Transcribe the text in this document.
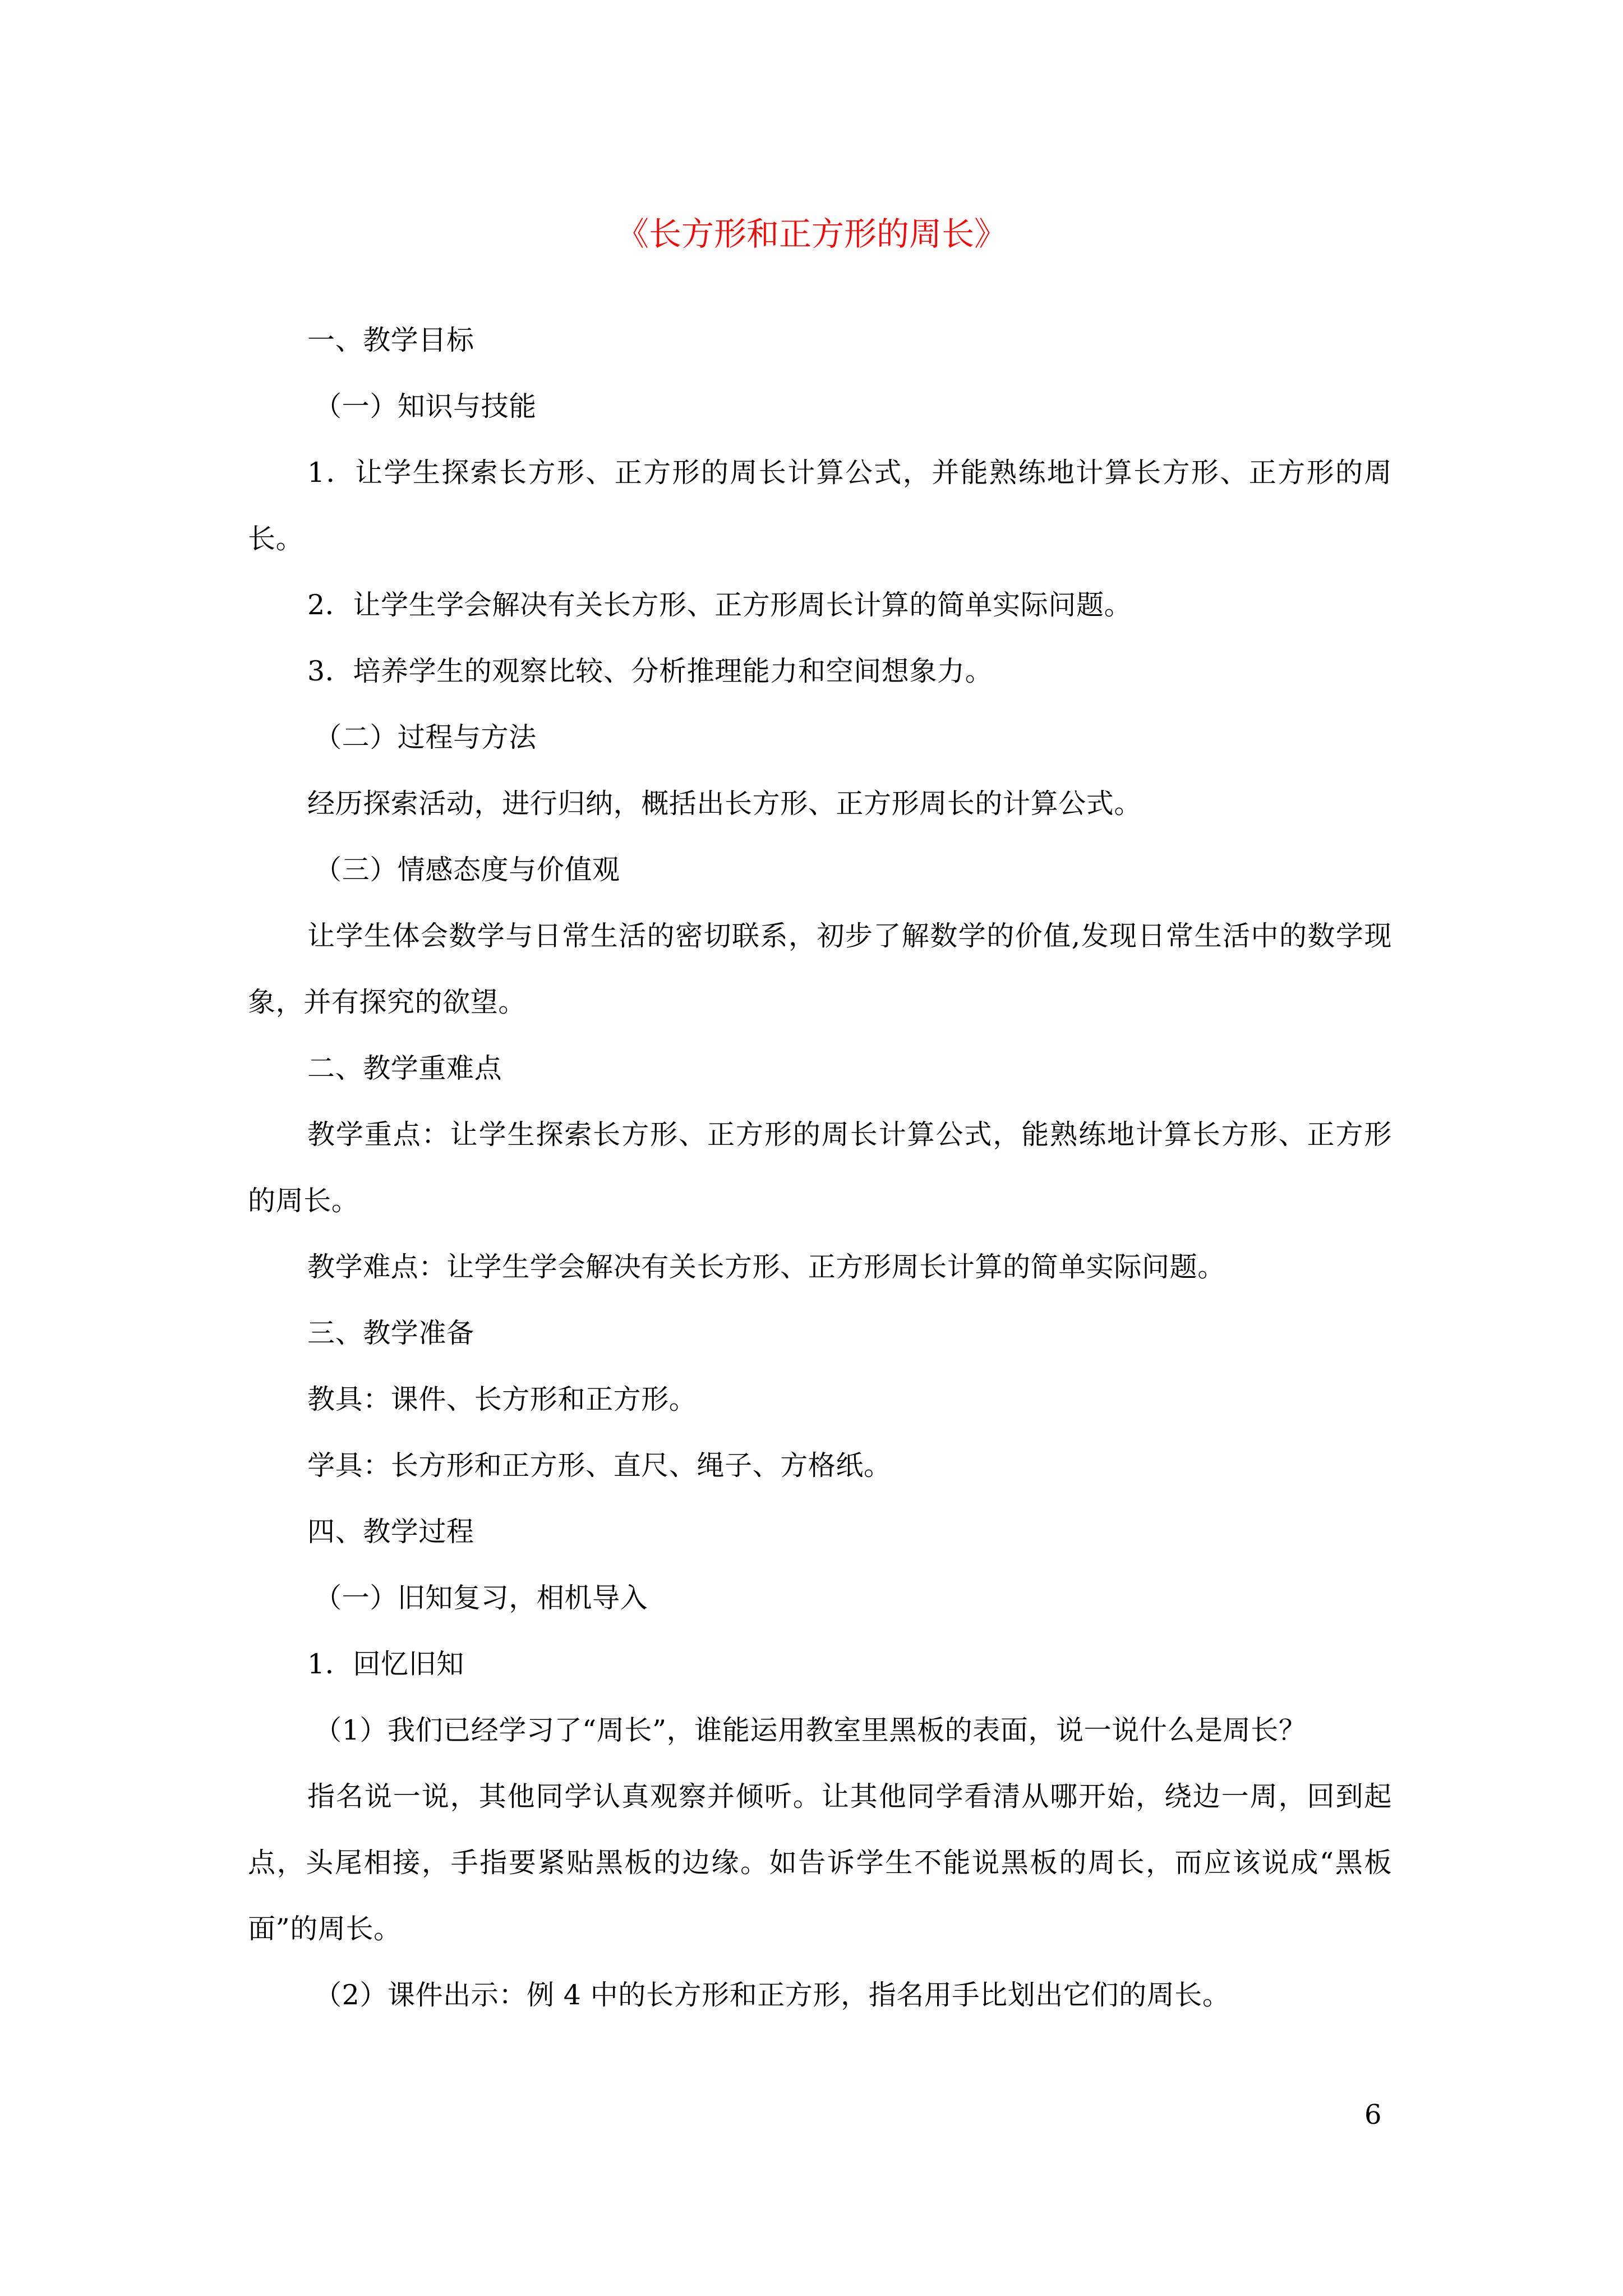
《长方形和正方形的周长》

一、教学目标

（一）知识与技能

1．让学生探索长方形、正方形的周长计算公式，并能熟练地计算长方形、正方形的周长。

2．让学生学会解决有关长方形、正方形周长计算的简单实际问题。

3．培养学生的观察比较、分析推理能力和空间想象力。

（二）过程与方法

经历探索活动，进行归纳，概括出长方形、正方形周长的计算公式。

（三）情感态度与价值观

让学生体会数学与日常生活的密切联系，初步了解数学的价值,发现日常生活中的数学现象，并有探究的欲望。

二、教学重难点

教学重点：让学生探索长方形、正方形的周长计算公式，能熟练地计算长方形、正方形的周长。

教学难点：让学生学会解决有关长方形、正方形周长计算的简单实际问题。

三、教学准备

教具：课件、长方形和正方形。

学具：长方形和正方形、直尺、绳子、方格纸。

四、教学过程

（一）旧知复习，相机导入

1．回忆旧知

（1）我们已经学习了“周长”，谁能运用教室里黑板的表面，说一说什么是周长？

指名说一说，其他同学认真观察并倾听。让其他同学看清从哪开始，绕边一周，回到起点，头尾相接，手指要紧贴黑板的边缘。如告诉学生不能说黑板的周长，而应该说成“黑板面”的周长。

（2）课件出示：例 4 中的长方形和正方形，指名用手比划出它们的周长。

6
